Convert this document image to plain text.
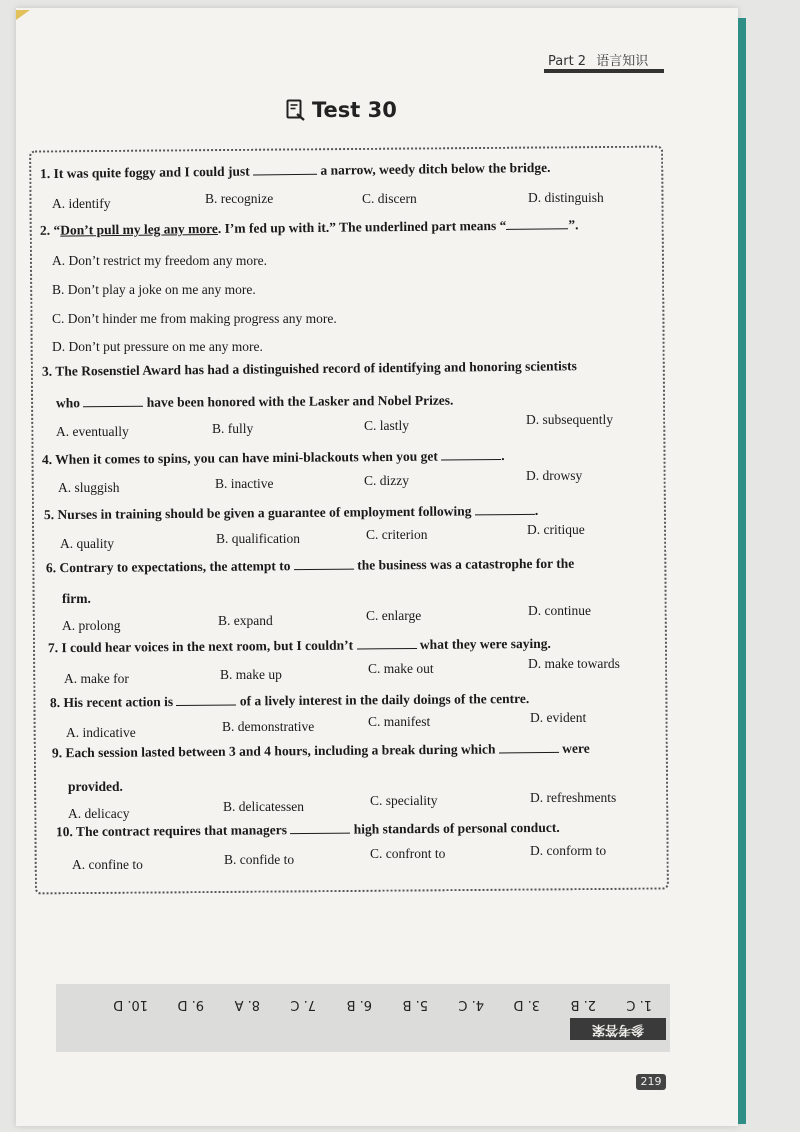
Part 2 语言知识
Test 30
1. It was quite foggy and I could just	a narrow, weedy ditch below the bridge.
A. identify	B. recognize	C. discern	D. distinguish
2. “Don’t pull my leg any more. I’m fed up with it.” The underlined part means “	”.
A. Don’t restrict my freedom any more.
B. Don’t play a joke on me any more.
C. Don’t hinder me from making progress any more.
D. Don’t put pressure on me any more.
3. The Rosenstiel Award has had a distinguished record of identifying and honoring scientists
who	have been honored with the Lasker and Nobel Prizes.
A. eventually	B. fully	C. lastly	D. subsequently
4. When it comes to spins, you can have mini-blackouts when you get	.
A. sluggish	B. inactive	C. dizzy	D. drowsy
5. Nurses in training should be given a guarantee of employment following	.
A. quality	B. qualification	C. criterion	D. critique
6. Contrary to expectations, the attempt to	the business was a catastrophe for the
firm.
A. prolong	B. expand	C. enlarge	D. continue
7. I could hear voices in the next room, but I couldn’t	what they were saying.
A. make for	B. make up	C. make out	D. make towards
8. His recent action is	of a lively interest in the daily doings of the centre.
A. indicative	B. demonstrative	C. manifest	D. evident
9. Each session lasted between 3 and 4 hours, including a break during which	were
provided.
A. delicacy	B. delicatessen	C. speciality	D. refreshments
10. The contract requires that managers	high standards of personal conduct.
A. confine to	B. confide to	C. confront to	D. conform to
1. C
2. B
3. D
4. C
5. B
6. B
7. C
8. A
9. D
10. D
参考答案
219
